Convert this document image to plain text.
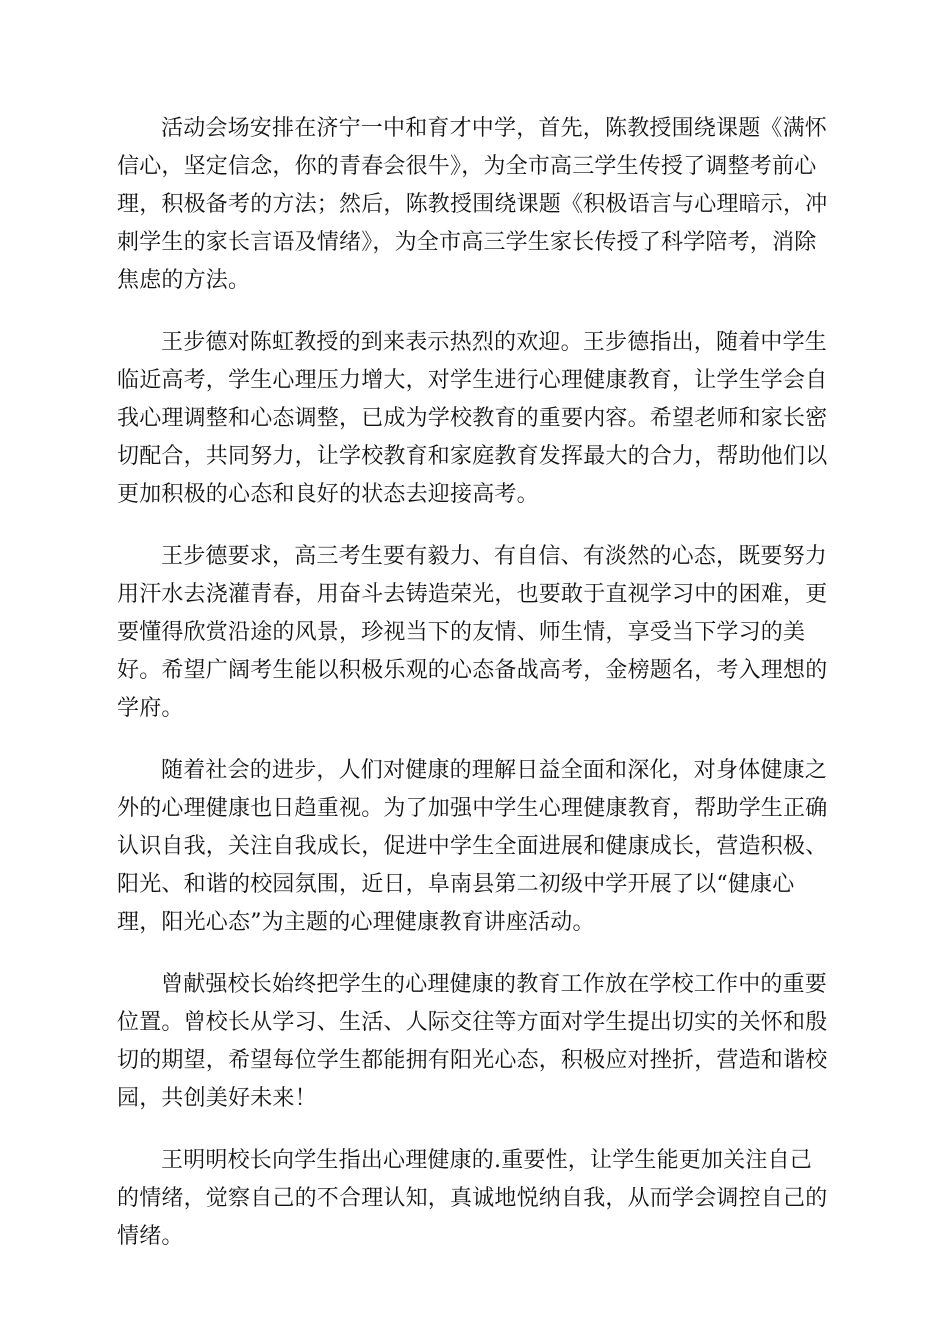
活动会场安排在济宁一中和育才中学，首先，陈教授围绕课题《满怀
信心，坚定信念，你的青春会很牛》，为全市高三学生传授了调整考前心
理，积极备考的方法；然后，陈教授围绕课题《积极语言与心理暗示，冲
刺学生的家长言语及情绪》，为全市高三学生家长传授了科学陪考，消除
焦虑的方法。

王步德对陈虹教授的到来表示热烈的欢迎。王步德指出，随着中学生
临近高考，学生心理压力增大，对学生进行心理健康教育，让学生学会自
我心理调整和心态调整，已成为学校教育的重要内容。希望老师和家长密
切配合，共同努力，让学校教育和家庭教育发挥最大的合力，帮助他们以
更加积极的心态和良好的状态去迎接高考。

王步德要求，高三考生要有毅力、有自信、有淡然的心态，既要努力
用汗水去浇灌青春，用奋斗去铸造荣光，也要敢于直视学习中的困难，更
要懂得欣赏沿途的风景，珍视当下的友情、师生情，享受当下学习的美
好。希望广阔考生能以积极乐观的心态备战高考，金榜题名，考入理想的
学府。

随着社会的进步，人们对健康的理解日益全面和深化，对身体健康之
外的心理健康也日趋重视。为了加强中学生心理健康教育，帮助学生正确
认识自我，关注自我成长，促进中学生全面进展和健康成长，营造积极、
阳光、和谐的校园氛围，近日，阜南县第二初级中学开展了以“健康心
理，阳光心态”为主题的心理健康教育讲座活动。

曾献强校长始终把学生的心理健康的教育工作放在学校工作中的重要
位置。曾校长从学习、生活、人际交往等方面对学生提出切实的关怀和殷
切的期望，希望每位学生都能拥有阳光心态，积极应对挫折，营造和谐校
园，共创美好未来！

王明明校长向学生指出心理健康的.重要性，让学生能更加关注自己
的情绪，觉察自己的不合理认知，真诚地悦纳自我，从而学会调控自己的
情绪。
